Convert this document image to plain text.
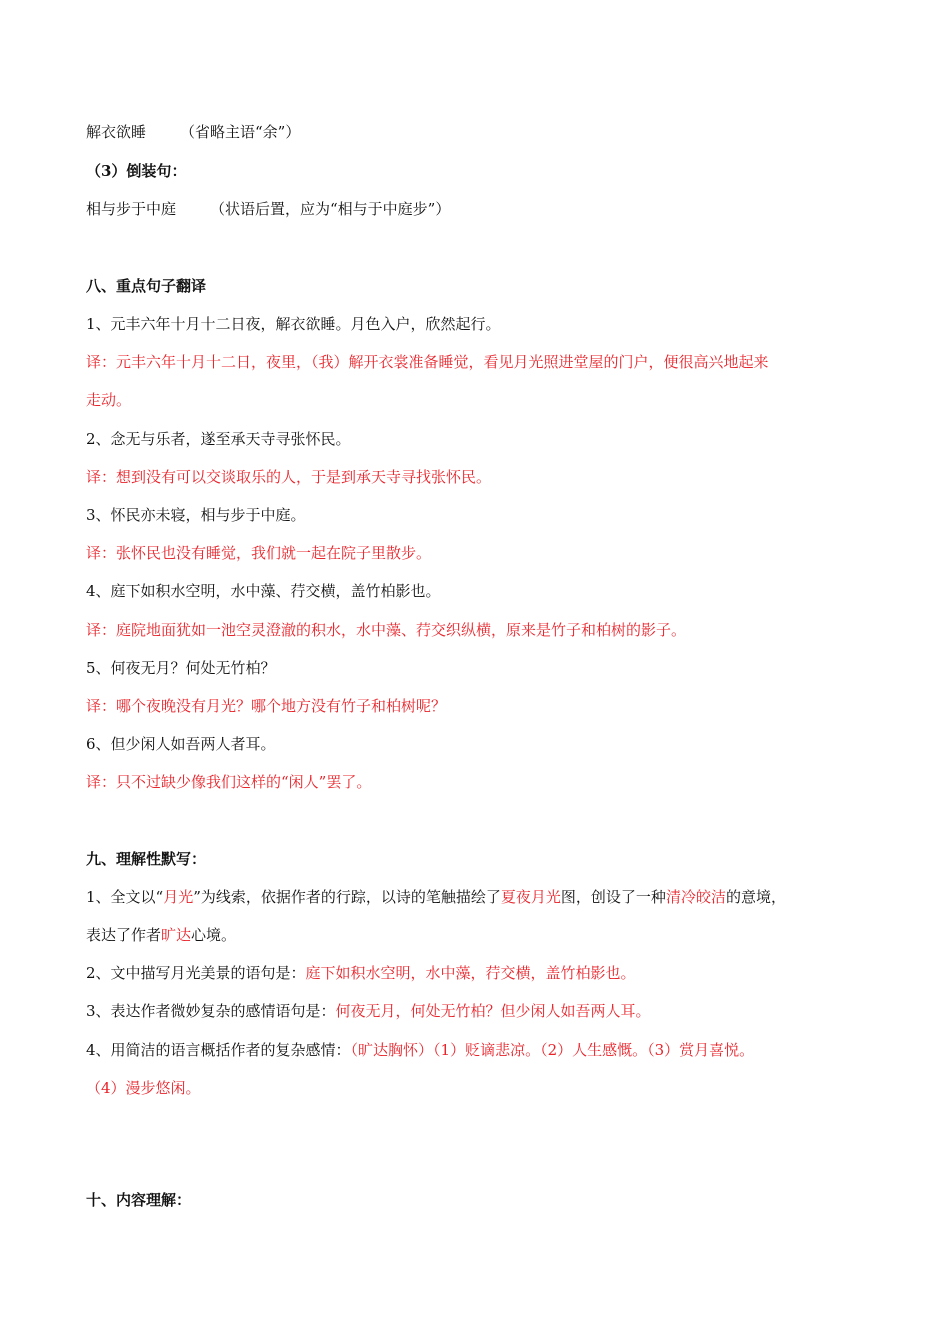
解衣欲睡 （省略主语“余”）
（3）倒装句：
相与步于中庭 （状语后置，应为“相与于中庭步”）
八、重点句子翻译
1、元丰六年十月十二日夜，解衣欲睡。月色入户，欣然起行。
译：元丰六年十月十二日，夜里，（我）解开衣裳准备睡觉，看见月光照进堂屋的门户，便很高兴地起来
走动。
2、念无与乐者，遂至承天寺寻张怀民。
译：想到没有可以交谈取乐的人，于是到承天寺寻找张怀民。
3、怀民亦未寝，相与步于中庭。
译：张怀民也没有睡觉，我们就一起在院子里散步。
4、庭下如积水空明，水中藻、荇交横，盖竹柏影也。
译：庭院地面犹如一池空灵澄澈的积水，水中藻、荇交织纵横，原来是竹子和柏树的影子。
5、何夜无月？何处无竹柏？
译：哪个夜晚没有月光？哪个地方没有竹子和柏树呢？
6、但少闲人如吾两人者耳。
译：只不过缺少像我们这样的“闲人”罢了。
九、理解性默写：
1、全文以“月光”为线索，依据作者的行踪，以诗的笔触描绘了夏夜月光图，创设了一种清冷皎洁的意境，
表达了作者旷达心境。
2、文中描写月光美景的语句是：庭下如积水空明，水中藻，荇交横，盖竹柏影也。
3、表达作者微妙复杂的感情语句是：何夜无月，何处无竹柏？但少闲人如吾两人耳。
4、用简洁的语言概括作者的复杂感情：（旷达胸怀）（1）贬谪悲凉。（2）人生感慨。（3）赏月喜悦。
（4）漫步悠闲。
十、内容理解：
